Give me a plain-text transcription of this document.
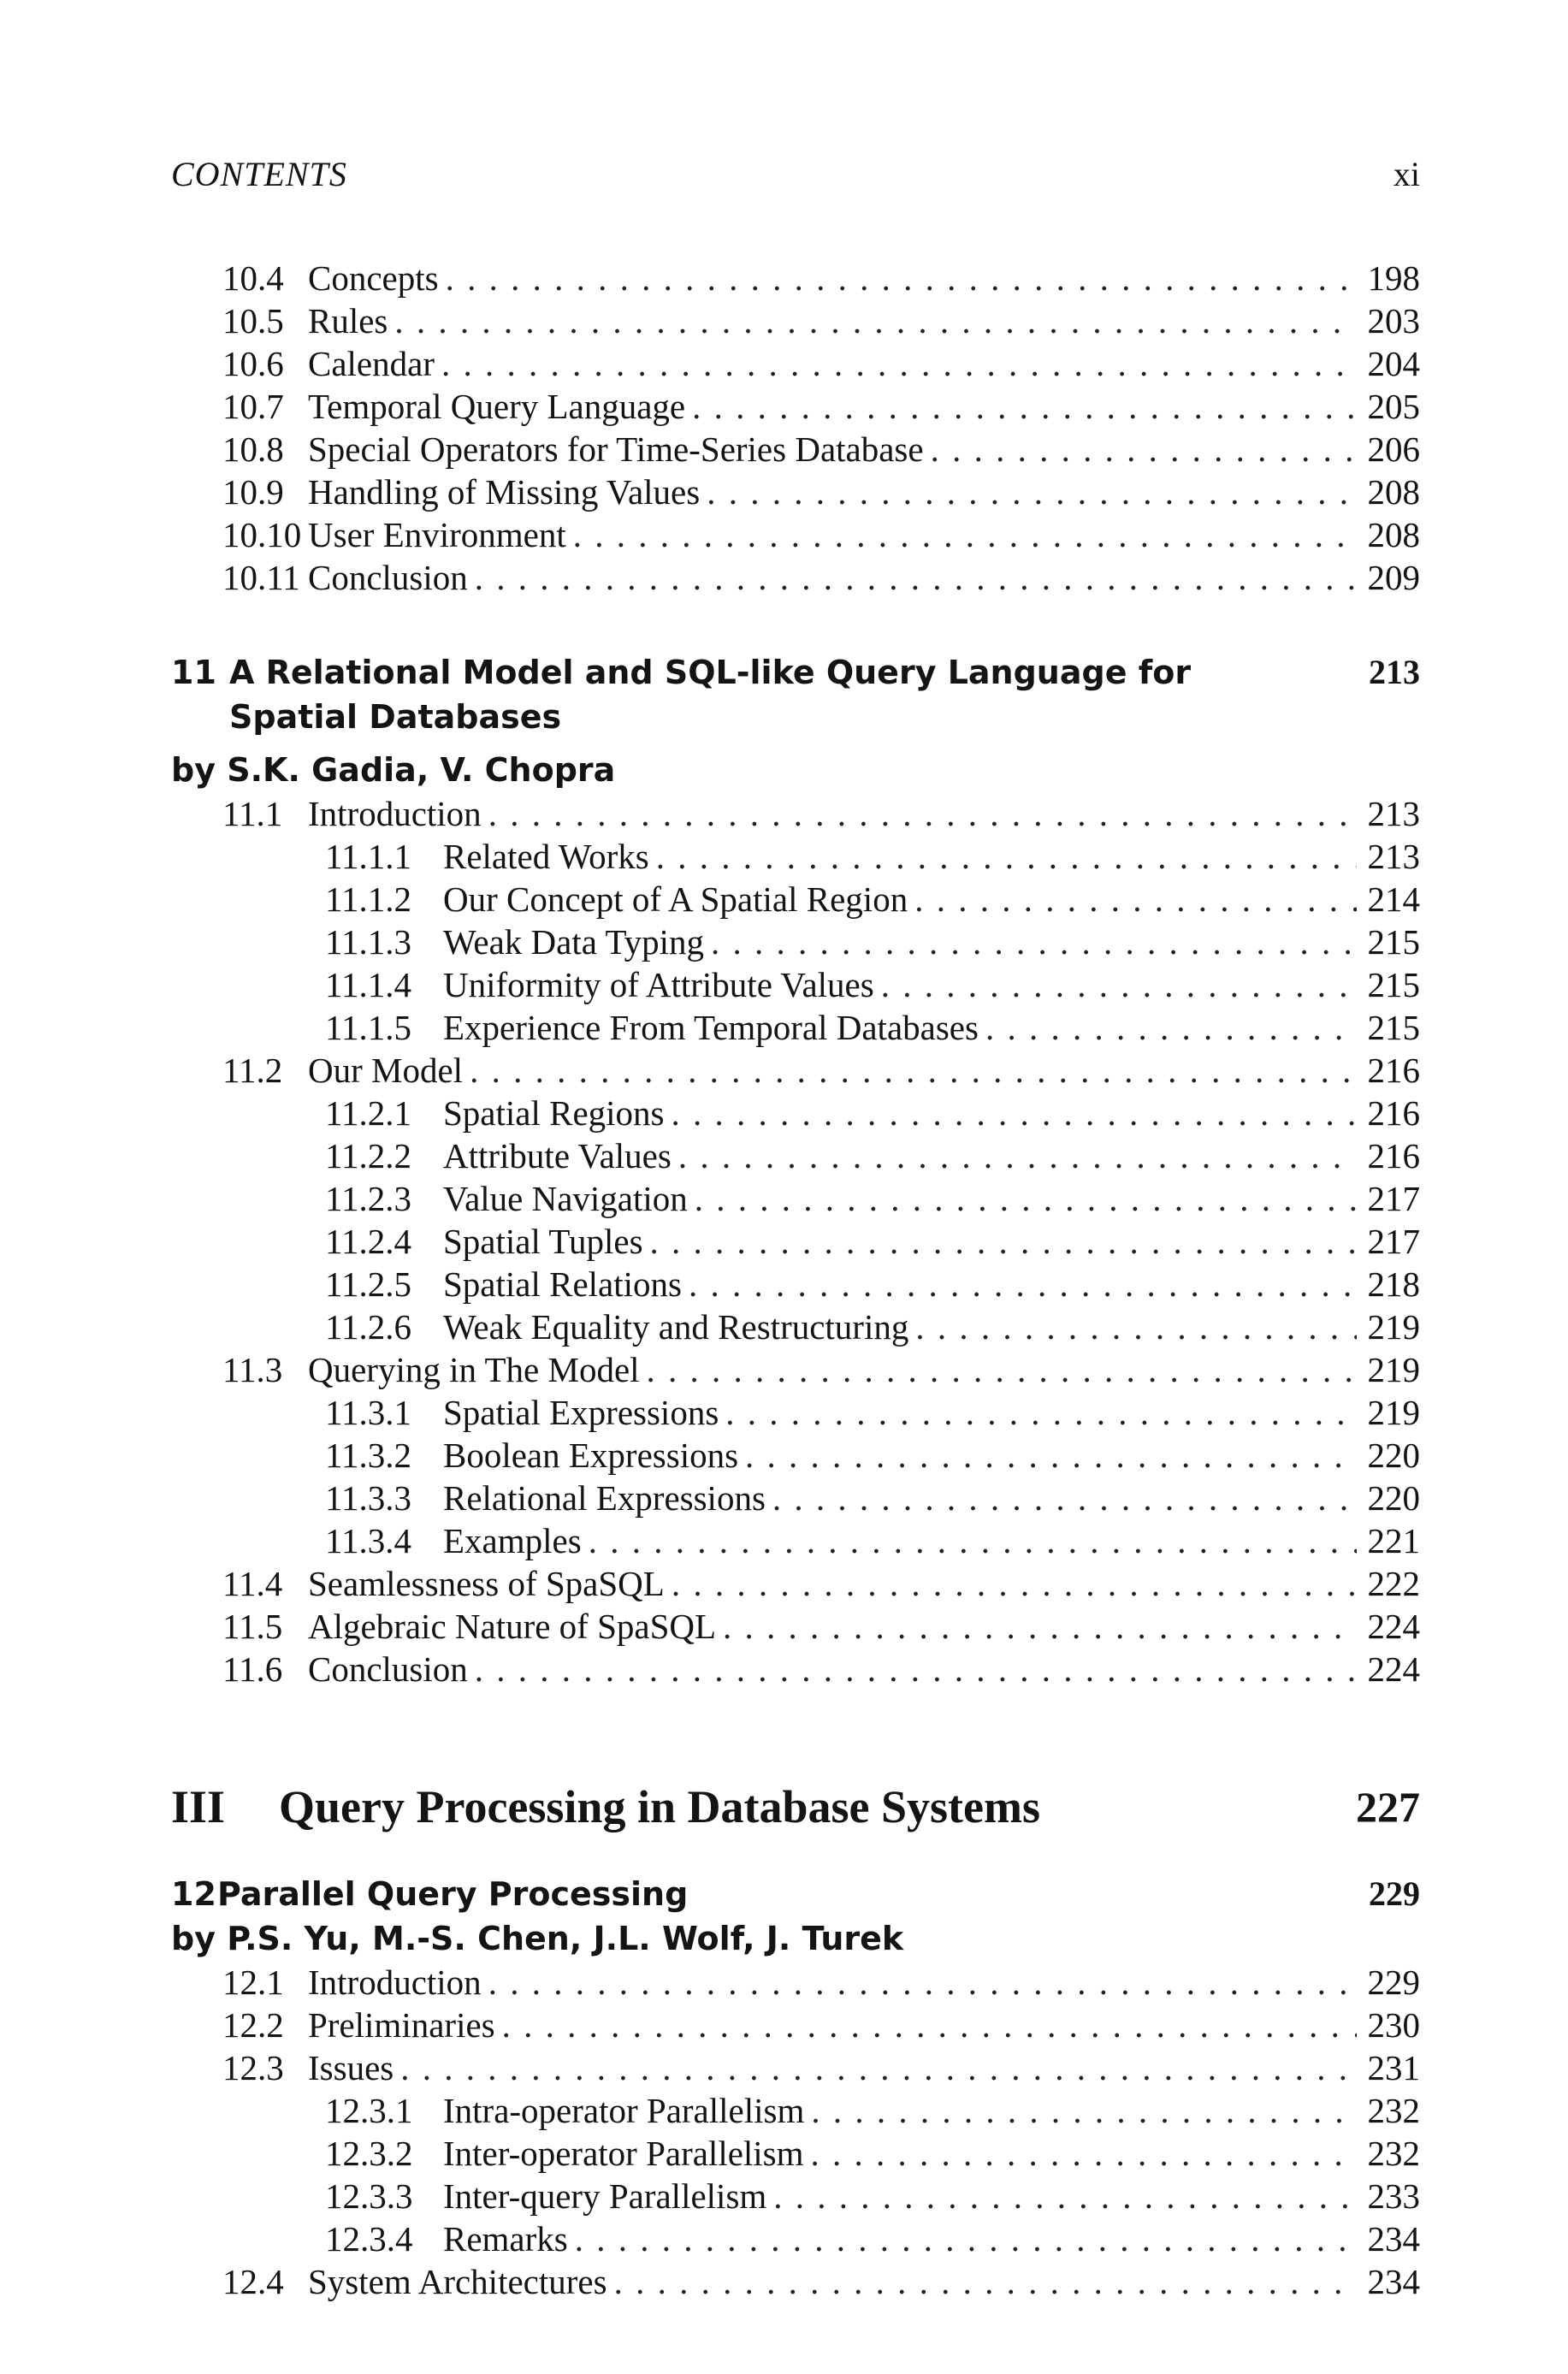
CONTENTS	xi
10.4 Concepts . . .	198
10.5 Rules . . .	203
10.6 Calendar . . .	204
10.7 Temporal Query Language . . .	205
10.8 Special Operators for Time-Series Database . . .	206
10.9 Handling of Missing Values . . .	208
10.10 User Environment . . .	208
10.11 Conclusion . . .	209
11 A Relational Model and SQL-like Query Language for	213
Spatial Databases
by S.K. Gadia, V. Chopra
11.1 Introduction . . .	213
11.1.1 Related Works . . .	213
11.1.2 Our Concept of A Spatial Region . . .	214
11.1.3 Weak Data Typing . . .	215
11.1.4 Uniformity of Attribute Values . . .	215
11.1.5 Experience From Temporal Databases . . .	215
11.2 Our Model . . .	216
11.2.1 Spatial Regions . . .	216
11.2.2 Attribute Values . . .	216
11.2.3 Value Navigation . . .	217
11.2.4 Spatial Tuples . . .	217
11.2.5 Spatial Relations . . .	218
11.2.6 Weak Equality and Restructuring . . .	219
11.3 Querying in The Model . . .	219
11.3.1 Spatial Expressions . . .	219
11.3.2 Boolean Expressions . . .	220
11.3.3 Relational Expressions . . .	220
11.3.4 Examples . . .	221
11.4 Seamlessness of SpaSQL . . .	222
11.5 Algebraic Nature of SpaSQL . . .	224
11.6 Conclusion . . .	224
III Query Processing in Database Systems	227
12Parallel Query Processing	229
by P.S. Yu, M.-S. Chen, J.L. Wolf, J. Turek
12.1 Introduction . . .	229
12.2 Preliminaries . . .	230
12.3 Issues . . .	231
12.3.1 Intra-operator Parallelism . . .	232
12.3.2 Inter-operator Parallelism . . .	232
12.3.3 Inter-query Parallelism . . .	233
12.3.4 Remarks . . .	234
12.4 System Architectures . . .	234
